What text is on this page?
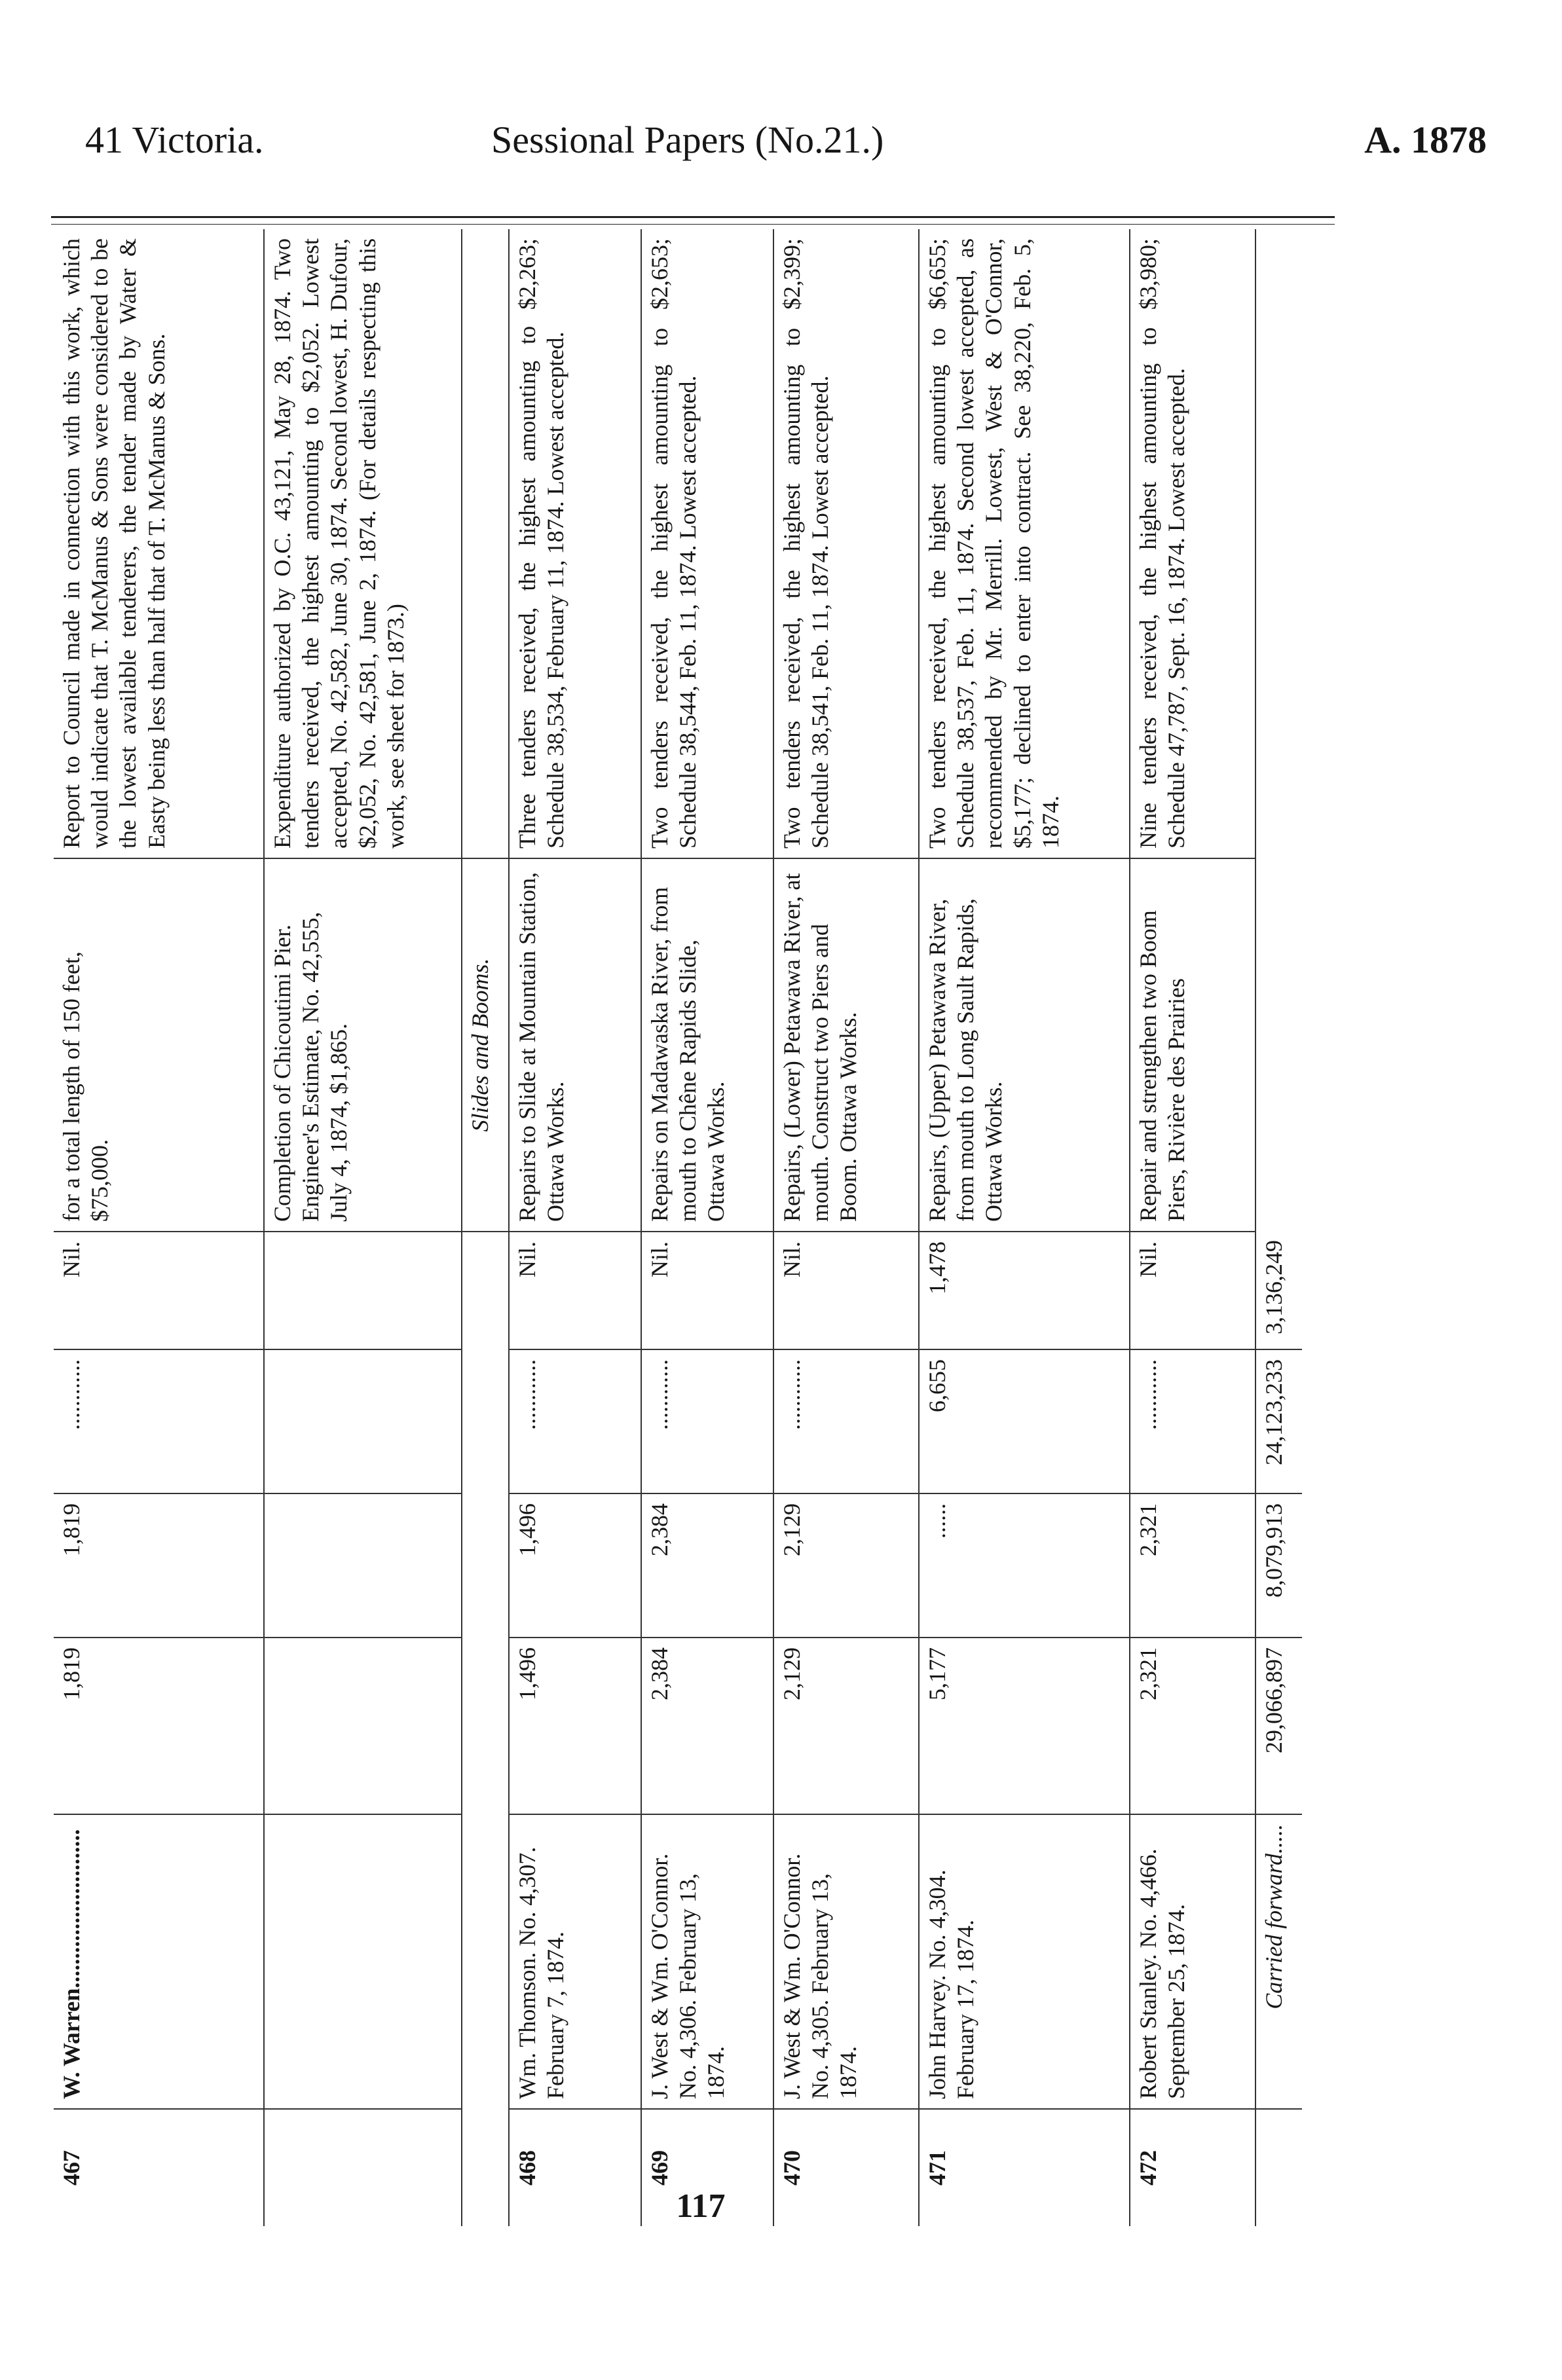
41 Victoria.	Sessional Papers (No.21.)	A. 1878
467
W. Warren...........................
1,819
1,819
............
Nil.
for a total length of 150 feet, $75,000.
Report to Council made in connection with this work, which would indicate that T. McManus & Sons were considered to be the lowest available tenderers, the tender made by Water & Easty being less than half that of T. McManus & Sons.
Completion of Chicoutimi Pier. Engineer's Estimate, No. 42,555, July 4, 1874, $1,865.
Expenditure authorized by O.C. 43,121, May 28, 1874. Two tenders received, the highest amounting to $2,052. Lowest accepted, No. 42,582, June 30, 1874. Second lowest, H. Dufour, $2,052, No. 42,581, June 2, 1874. (For details respecting this work, see sheet for 1873.)
Slides and Booms.
468
Wm. Thomson. No. 4,307. February 7, 1874.
1,496
1,496
............
Nil.
Repairs to Slide at Mountain Station, Ottawa Works.
Three tenders received, the highest amounting to $2,263; Schedule 38,534, February 11, 1874. Lowest accepted.
469
J. West & Wm. O'Connor. No. 4,306. February 13, 1874.
2,384
2,384
............
Nil.
Repairs on Madawaska River, from mouth to Chêne Rapids Slide, Ottawa Works.
Two tenders received, the highest amounting to $2,653; Schedule 38,544, Feb. 11, 1874. Lowest accepted.
470
J. West & Wm. O'Connor. No. 4,305. February 13, 1874.
2,129
2,129
............
Nil.
Repairs, (Lower) Petawawa River, at mouth. Construct two Piers and Boom. Ottawa Works.
Two tenders received, the highest amounting to $2,399; Schedule 38,541, Feb. 11, 1874. Lowest accepted.
471
John Harvey. No. 4,304. February 17, 1874.
5,177
......
6,655
1,478
Repairs, (Upper) Petawawa River, from mouth to Long Sault Rapids, Ottawa Works.
Two tenders received, the highest amounting to $6,655; Schedule 38,537, Feb. 11, 1874. Second lowest accepted, as recommended by Mr. Merrill. Lowest, West & O'Connor, $5,177; declined to enter into contract. See 38,220, Feb. 5, 1874.
472
Robert Stanley. No. 4,466. September 25, 1874.
2,321
2,321
............
Nil.
Repair and strengthen two Boom Piers, Rivière des Prairies
Nine tenders received, the highest amounting to $3,980; Schedule 47,787, Sept. 16, 1874. Lowest accepted.
Carried forward.....
29,066,897
8,079,913
24,123,233
3,136,249
117
